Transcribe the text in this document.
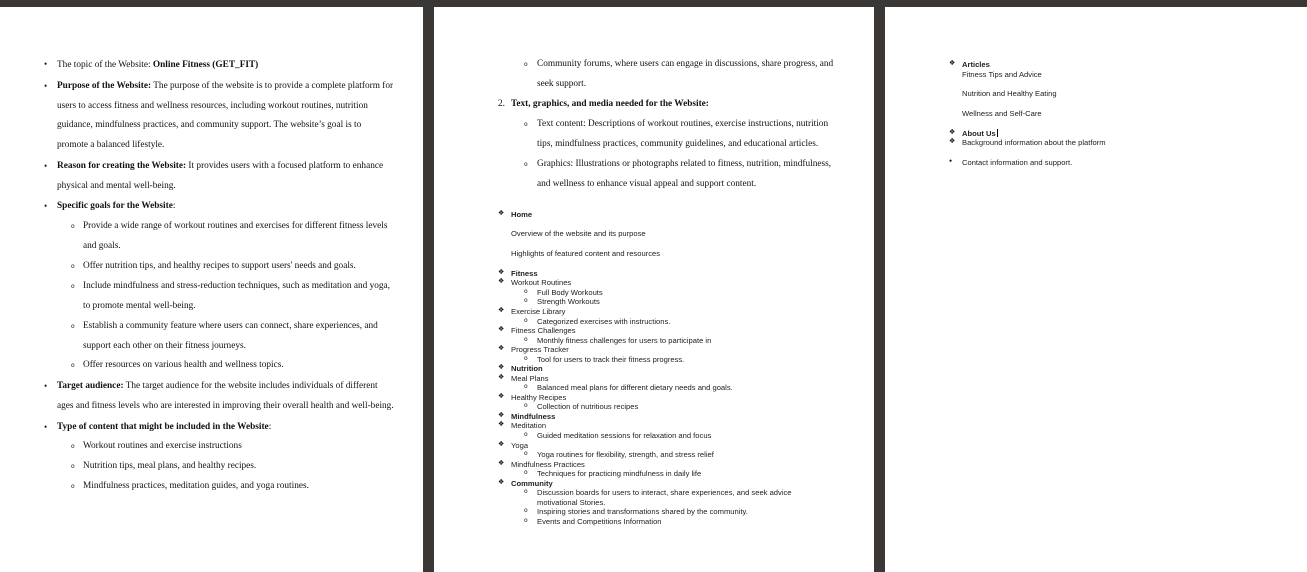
• The topic of the Website: Online Fitness (GET_FIT)
• Purpose of the Website: The purpose of the website is to provide a complete platform for
users to access fitness and wellness resources, including workout routines, nutrition
guidance, mindfulness practices, and community support. The website’s goal is to
promote a balanced lifestyle.
• Reason for creating the Website: It provides users with a focused platform to enhance
physical and mental well-being.
• Specific goals for the Website:
o Provide a wide range of workout routines and exercises for different fitness levels
and goals.
o Offer nutrition tips, and healthy recipes to support users' needs and goals.
o Include mindfulness and stress-reduction techniques, such as meditation and yoga,
to promote mental well-being.
o Establish a community feature where users can connect, share experiences, and
support each other on their fitness journeys.
o Offer resources on various health and wellness topics.
• Target audience: The target audience for the website includes individuals of different
ages and fitness levels who are interested in improving their overall health and well-being.
• Type of content that might be included in the Website:
o Workout routines and exercise instructions
o Nutrition tips, meal plans, and healthy recipes.
o Mindfulness practices, meditation guides, and yoga routines.
o Community forums, where users can engage in discussions, share progress, and
seek support.
2. Text, graphics, and media needed for the Website:
o Text content: Descriptions of workout routines, exercise instructions, nutrition
tips, mindfulness practices, community guidelines, and educational articles.
o Graphics: Illustrations or photographs related to fitness, nutrition, mindfulness,
and wellness to enhance visual appeal and support content.
❖ Home
Overview of the website and its purpose
Highlights of featured content and resources
❖ Fitness
❖ Workout Routines
o Full Body Workouts
o Strength Workouts
❖ Exercise Library
o Categorized exercises with instructions.
❖ Fitness Challenges
o Monthly fitness challenges for users to participate in
❖ Progress Tracker
o Tool for users to track their fitness progress.
❖ Nutrition
❖ Meal Plans
o Balanced meal plans for different dietary needs and goals.
❖ Healthy Recipes
o Collection of nutritious recipes
❖ Mindfulness
❖ Meditation
o Guided meditation sessions for relaxation and focus
❖ Yoga
o Yoga routines for flexibility, strength, and stress relief
❖ Mindfulness Practices
o Techniques for practicing mindfulness in daily life
❖ Community
o Discussion boards for users to interact, share experiences, and seek advice
motivational Stories.
o Inspiring stories and transformations shared by the community.
o Events and Competitions Information
❖ Articles
Fitness Tips and Advice
Nutrition and Healthy Eating
Wellness and Self-Care
❖ About Us
❖ Background information about the platform
• Contact information and support.
